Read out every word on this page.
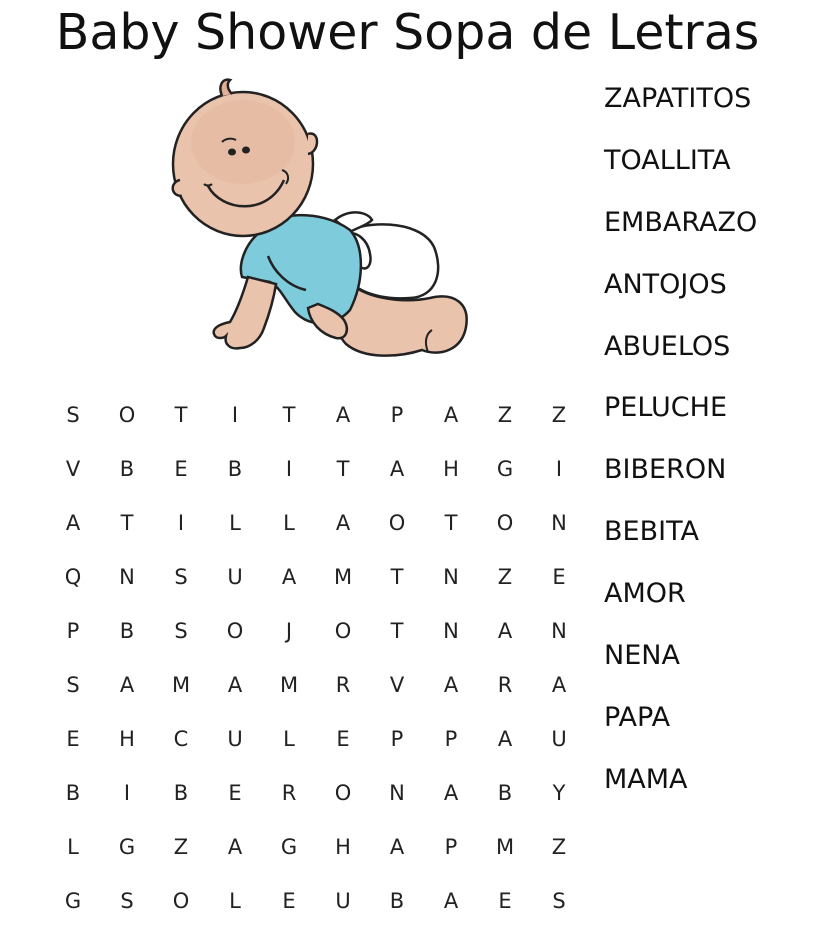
Baby Shower Sopa de Letras
S	O	T	I	T	A	P	A	Z	Z
V	B	E	B	I	T	A	H	G	I
A	T	I	L	L	A	O	T	O	N
Q	N	S	U	A	M	T	N	Z	E
P	B	S	O	J	O	T	N	A	N
S	A	M	A	M	R	V	A	R	A
E	H	C	U	L	E	P	P	A	U
B	I	B	E	R	O	N	A	B	Y
L	G	Z	A	G	H	A	P	M	Z
G	S	O	L	E	U	B	A	E	S
ZAPATITOS
TOALLITA
EMBARAZO
ANTOJOS
ABUELOS
PELUCHE
BIBERON
BEBITA
AMOR
NENA
PAPA
MAMA
